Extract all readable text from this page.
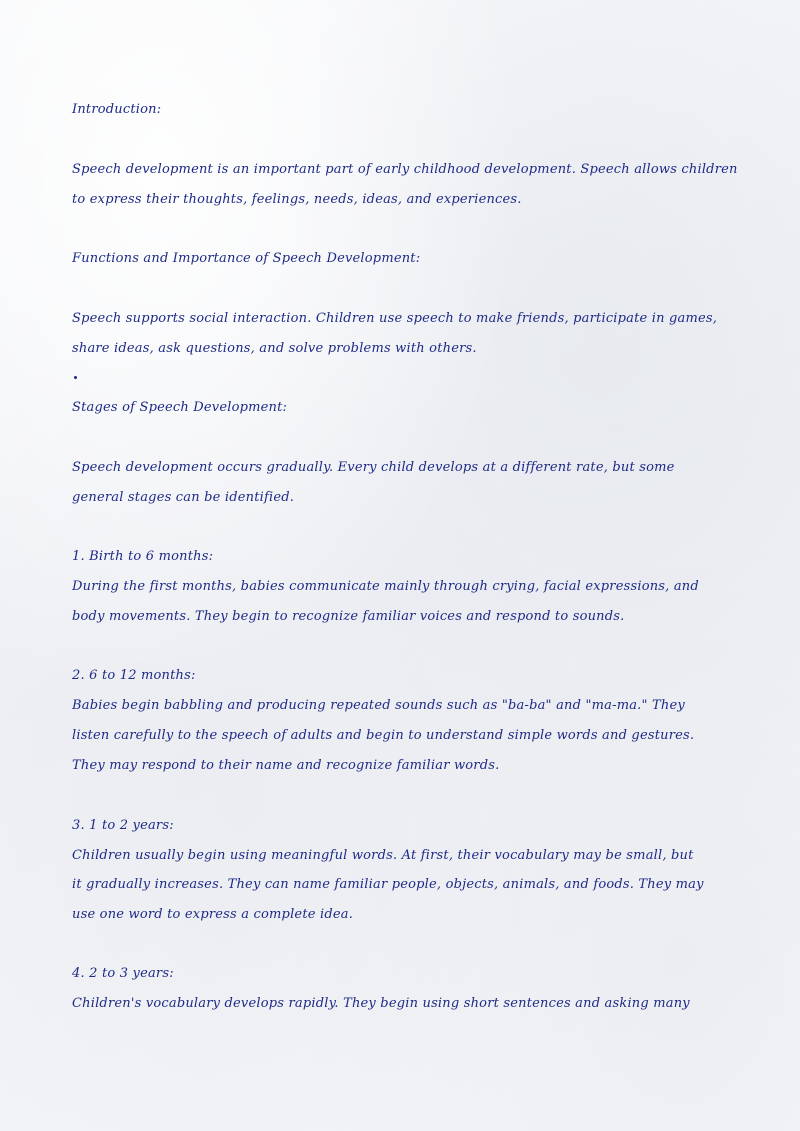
Introduction:

Speech development is an important part of early childhood development. Speech allows children

to express their thoughts, feelings, needs, ideas, and experiences.

Functions and Importance of Speech Development:

Speech supports social interaction. Children use speech to make friends, participate in games,

share ideas, ask questions, and solve problems with others.

Stages of Speech Development:

Speech development occurs gradually. Every child develops at a different rate, but some

general stages can be identified.

1. Birth to 6 months:

During the first months, babies communicate mainly through crying, facial expressions, and

body movements. They begin to recognize familiar voices and respond to sounds.

2. 6 to 12 months:

Babies begin babbling and producing repeated sounds such as "ba-ba" and "ma-ma." They

listen carefully to the speech of adults and begin to understand simple words and gestures.

They may respond to their name and recognize familiar words.

3. 1 to 2 years:

Children usually begin using meaningful words. At first, their vocabulary may be small, but

it gradually increases. They can name familiar people, objects, animals, and foods. They may

use one word to express a complete idea.

4. 2 to 3 years:

Children's vocabulary develops rapidly. They begin using short sentences and asking many
